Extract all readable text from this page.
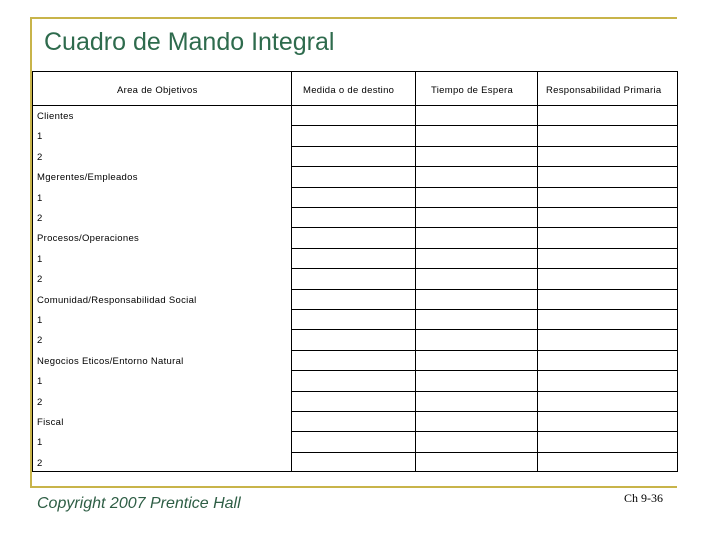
Cuadro de Mando Integral
Area de Objetivos	Medida o de destino	Tiempo de Espera	Responsabilidad Primaria
Clientes
1
2
Mgerentes/Empleados
1
2
Procesos/Operaciones
1
2
Comunidad/Responsabilidad Social
1
2
Negocios Eticos/Entorno Natural
1
2
Fiscal
1
2
Copyright 2007 Prentice Hall	Ch 9-36
